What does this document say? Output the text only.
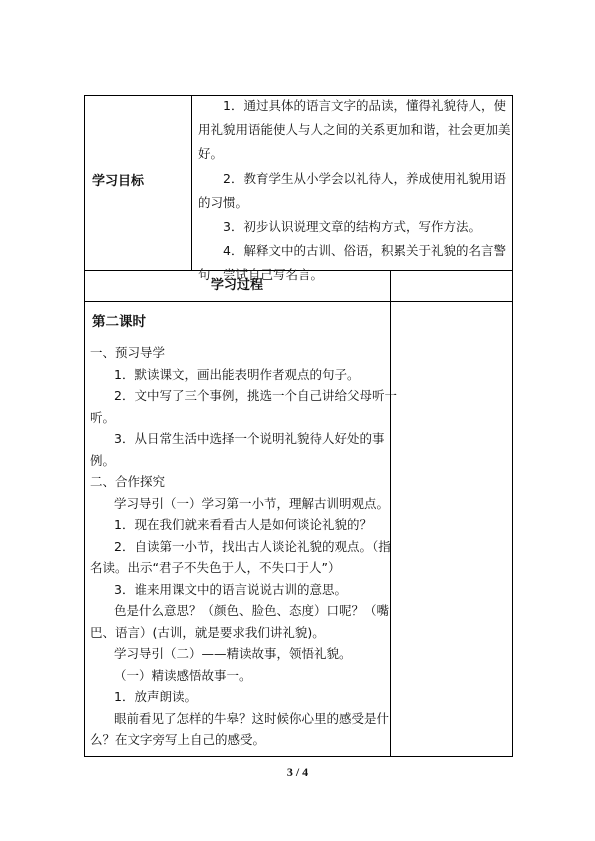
学习目标
1．通过具体的语言文字的品读，懂得礼貌待人，使
用礼貌用语能使人与人之间的关系更加和谐，社会更加美
好。
2．教育学生从小学会以礼待人，养成使用礼貌用语
的习惯。
3．初步认识说理文章的结构方式，写作方法。
4．解释文中的古训、俗语，积累关于礼貌的名言警
句，尝试自己写名言。
学习过程
第二课时
一、预习导学
1．默读课文，画出能表明作者观点的句子。
2．文中写了三个事例，挑选一个自己讲给父母听一
听。
3．从日常生活中选择一个说明礼貌待人好处的事
例。
二、合作探究
学习导引（一）学习第一小节，理解古训明观点。
1．现在我们就来看看古人是如何谈论礼貌的？
2．自读第一小节，找出古人谈论礼貌的观点。（指
名读。出示“君子不失色于人，不失口于人”）
3．谁来用课文中的语言说说古训的意思。
色是什么意思？（颜色、脸色、态度）口呢？（嘴
巴、语言）(古训，就是要求我们讲礼貌)。
学习导引（二）——精读故事，领悟礼貌。
（一）精读感悟故事一。
1．放声朗读。
眼前看见了怎样的牛皋？这时候你心里的感受是什
么？在文字旁写上自己的感受。
3 / 4
